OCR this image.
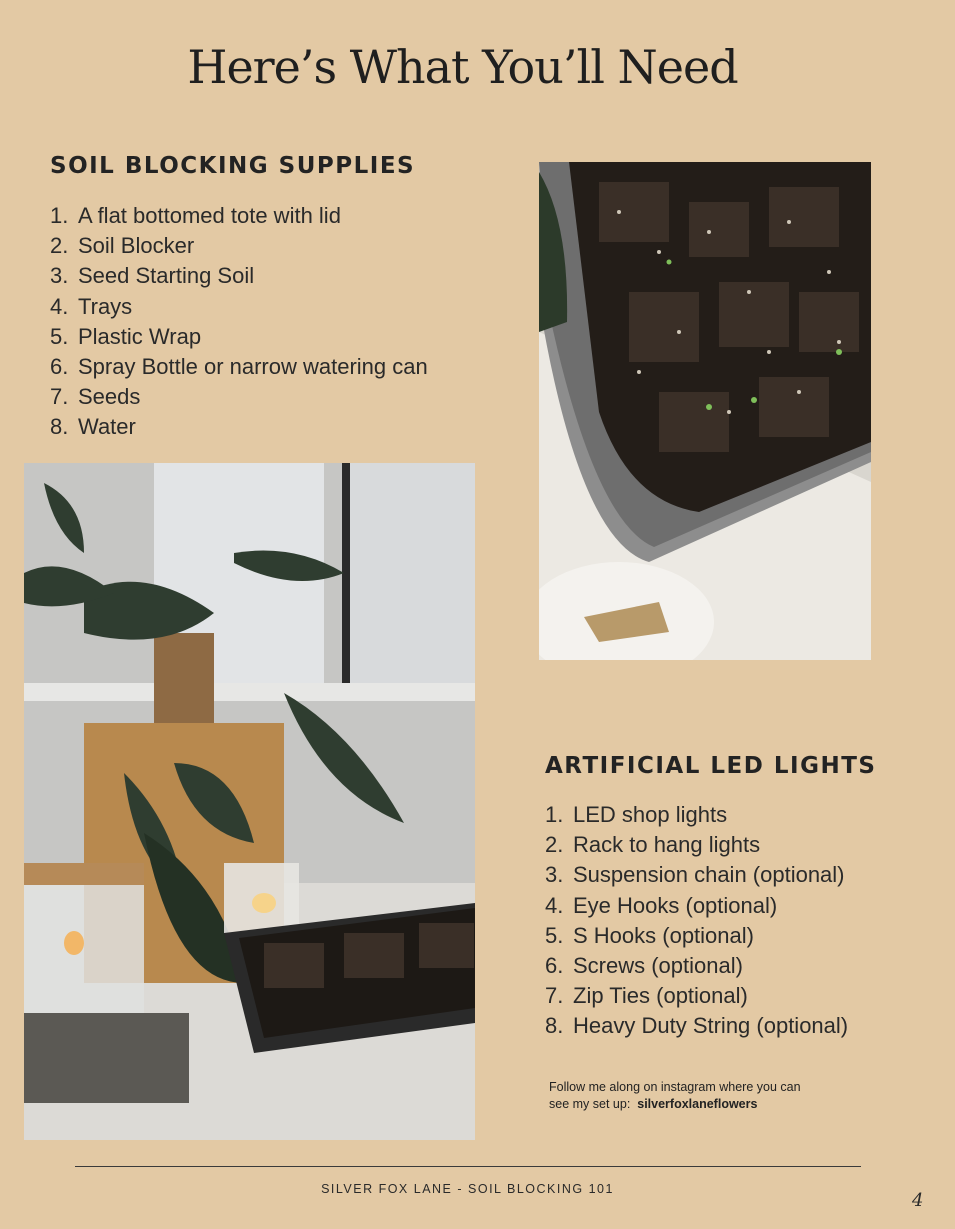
Here’s What You’ll Need
SOIL BLOCKING SUPPLIES
1. A flat bottomed tote with lid
2. Soil Blocker
3. Seed Starting Soil
4. Trays
5. Plastic Wrap
6. Spray Bottle or narrow watering can
7. Seeds
8. Water
ARTIFICIAL LED LIGHTS
1. LED shop lights
2. Rack to hang lights
3. Suspension chain (optional)
4. Eye Hooks (optional)
5. S Hooks (optional)
6. Screws (optional)
7. Zip Ties (optional)
8. Heavy Duty String (optional)
Follow me along on instagram where you can
see my set up: silverfoxlaneflowers
SILVER FOX LANE - SOIL BLOCKING 101
4
